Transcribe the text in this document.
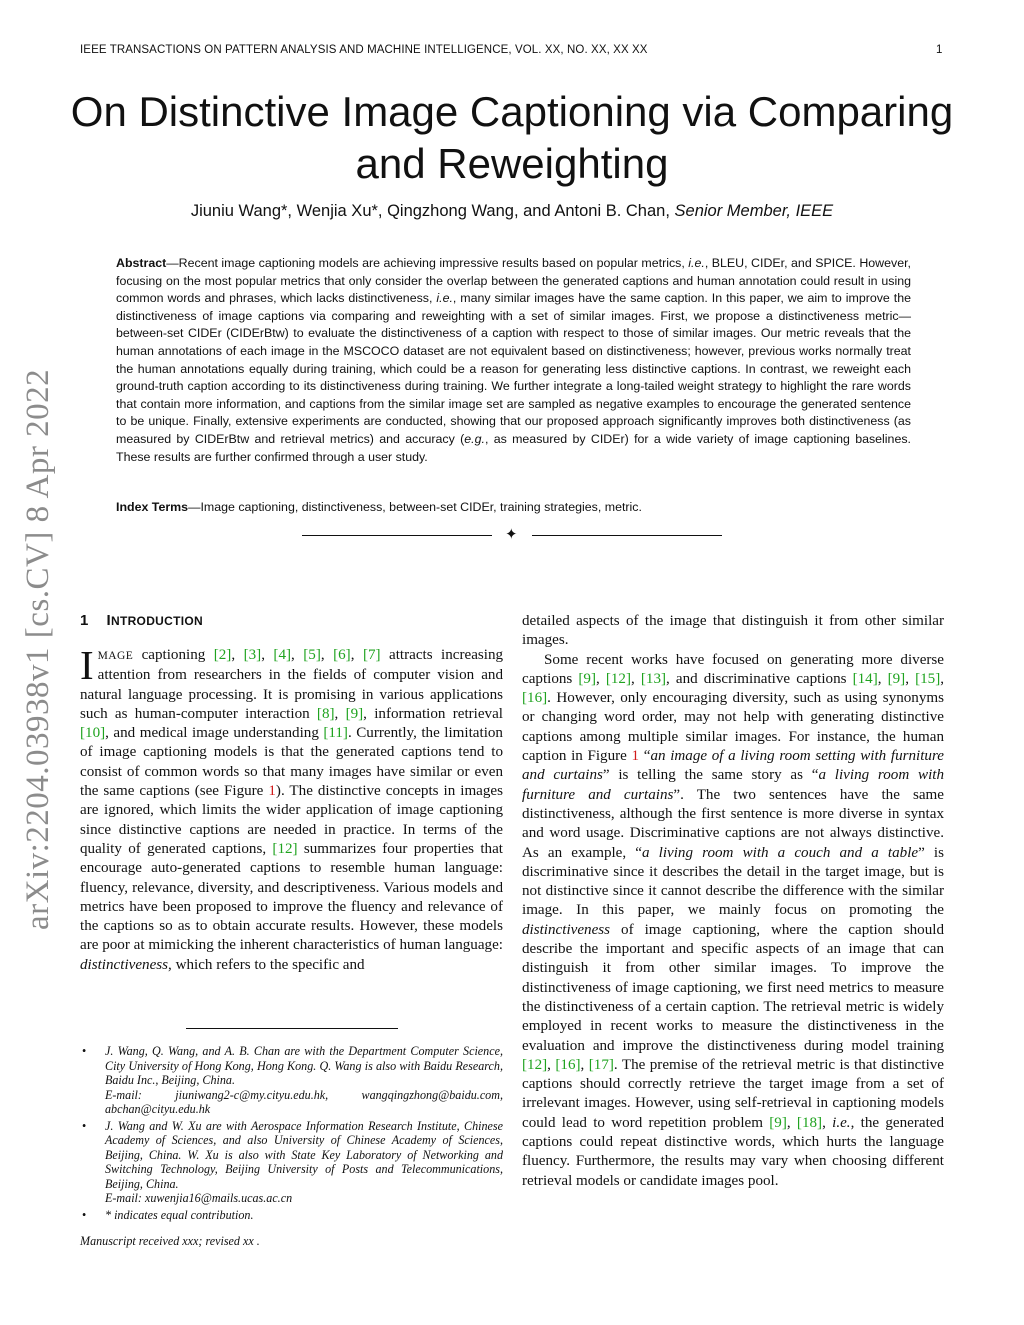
IEEE TRANSACTIONS ON PATTERN ANALYSIS AND MACHINE INTELLIGENCE, VOL. XX, NO. XX, XX XX	1
On Distinctive Image Captioning via Comparing
and Reweighting
Jiuniu Wang*, Wenjia Xu*, Qingzhong Wang, and Antoni B. Chan, Senior Member, IEEE
Abstract—Recent image captioning models are achieving impressive results based on popular metrics, i.e., BLEU, CIDEr, and SPICE. However, focusing on the most popular metrics that only consider the overlap between the generated captions and human annotation could result in using common words and phrases, which lacks distinctiveness, i.e., many similar images have the same caption. In this paper, we aim to improve the distinctiveness of image captions via comparing and reweighting with a set of similar images. First, we propose a distinctiveness metric—between-set CIDEr (CIDErBtw) to evaluate the distinctiveness of a caption with respect to those of similar images. Our metric reveals that the human annotations of each image in the MSCOCO dataset are not equivalent based on distinctiveness; however, previous works normally treat the human annotations equally during training, which could be a reason for generating less distinctive captions. In contrast, we reweight each ground-truth caption according to its distinctiveness during training. We further integrate a long-tailed weight strategy to highlight the rare words that contain more information, and captions from the similar image set are sampled as negative examples to encourage the generated sentence to be unique. Finally, extensive experiments are conducted, showing that our proposed approach significantly improves both distinctiveness (as measured by CIDErBtw and retrieval metrics) and accuracy (e.g., as measured by CIDEr) for a wide variety of image captioning baselines. These results are further confirmed through a user study.
Index Terms—Image captioning, distinctiveness, between-set CIDEr, training strategies, metric.
✦
arXiv:2204.03938v1 [cs.CV] 8 Apr 2022 1 INTRODUCTION

IMAGE captioning [2], [3], [4], [5], [6], [7] attracts increasing attention from researchers in the fields of computer vision and natural language processing. It is promising in various applications such as human-computer interaction [8], [9], information retrieval [10], and medical image understanding [11]. Currently, the limitation of image captioning models is that the generated captions tend to consist of common words so that many images have similar or even the same captions (see Figure 1). The distinctive concepts in images are ignored, which limits the wider application of image captioning since distinctive captions are needed in practice. In terms of the quality of generated captions, [12] summarizes four properties that encourage auto-generated captions to resemble human language: fluency, relevance, diversity, and descriptiveness. Various models and metrics have been proposed to improve the fluency and relevance of the captions so as to obtain accurate results. However, these models are poor at mimicking the inherent characteristics of human language: distinctiveness, which refers to the specific and

• J. Wang, Q. Wang, and A. B. Chan are with the Department Computer Science, City University of Hong Kong, Hong Kong. Q. Wang is also with Baidu Research, Baidu Inc., Beijing, China.
E-mail: jiuniwang2-c@my.cityu.edu.hk, wangqingzhong@baidu.com, abchan@cityu.edu.hk
• J. Wang and W. Xu are with Aerospace Information Research Institute, Chinese Academy of Sciences, and also University of Chinese Academy of Sciences, Beijing, China. W. Xu is also with State Key Laboratory of Networking and Switching Technology, Beijing University of Posts and Telecommunications, Beijing, China.
E-mail: xuwenjia16@mails.ucas.ac.cn
• * indicates equal contribution.
Manuscript received xxx; revised xx .

detailed aspects of the image that distinguish it from other similar images.

Some recent works have focused on generating more diverse captions [9], [12], [13], and discriminative captions [14], [9], [15], [16]. However, only encouraging diversity, such as using synonyms or changing word order, may not help with generating distinctive captions among multiple similar images. For instance, the human caption in Figure 1 “an image of a living room setting with furniture and curtains” is telling the same story as “a living room with furniture and curtains”. The two sentences have the same distinctiveness, although the first sentence is more diverse in syntax and word usage. Discriminative captions are not always distinctive. As an example, “a living room with a couch and a table” is discriminative since it describes the detail in the target image, but is not distinctive since it cannot describe the difference with the similar image. In this paper, we mainly focus on promoting the distinctiveness of image captioning, where the caption should describe the important and specific aspects of an image that can distinguish it from other similar images. To improve the distinctiveness of image captioning, we first need metrics to measure the distinctiveness of a certain caption. The retrieval metric is widely employed in recent works to measure the distinctiveness in the evaluation and improve the distinctiveness during model training [12], [16], [17]. The premise of the retrieval metric is that distinctive captions should correctly retrieve the target image from a set of irrelevant images. However, using self-retrieval in captioning models could lead to word repetition problem [9], [18], i.e., the generated captions could repeat distinctive words, which hurts the language fluency. Furthermore, the results may vary when choosing different retrieval models or candidate images pool.
